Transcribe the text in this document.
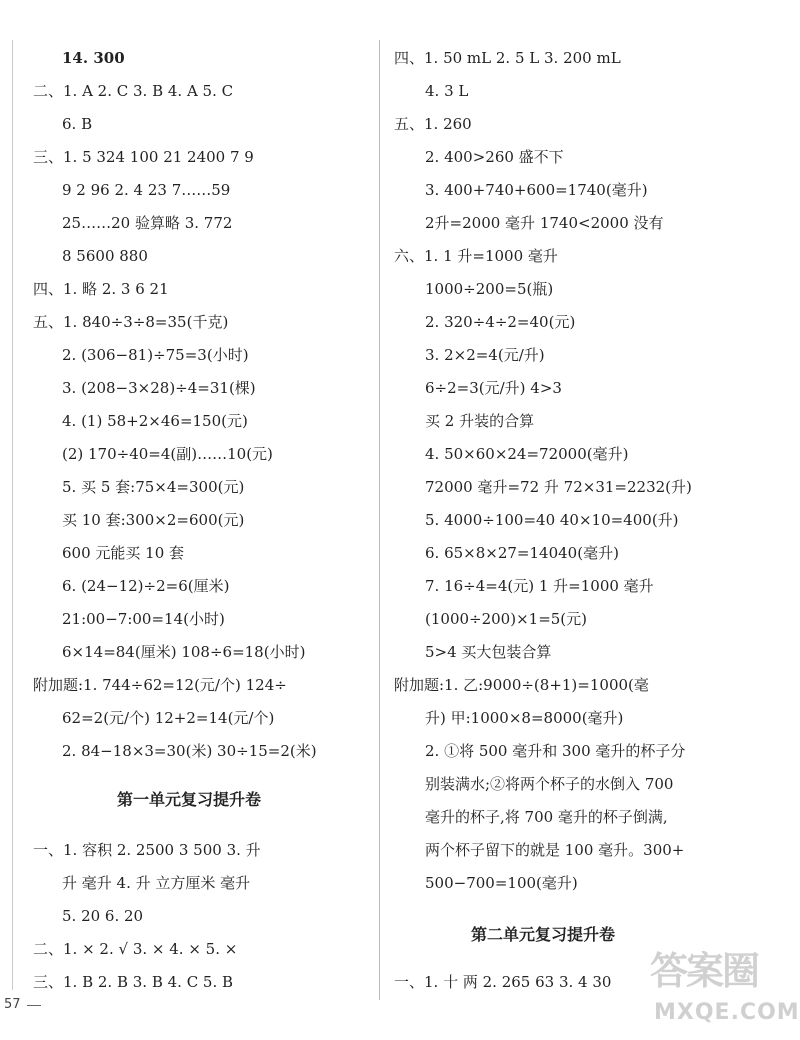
14. 300
二、1. A 2. C 3. B 4. A 5. C
6. B
三、1. 5 324 100 21 2400 7 9
9 2 96 2. 4 23 7……59
25……20 验算略 3. 772
8 5600 880
四、1. 略 2. 3 6 21
五、1. 840÷3÷8=35(千克)
2. (306−81)÷75=3(小时)
3. (208−3×28)÷4=31(棵)
4. (1) 58+2×46=150(元)
(2) 170÷40=4(副)……10(元)
5. 买 5 套:75×4=300(元)
买 10 套:300×2=600(元)
600 元能买 10 套
6. (24−12)÷2=6(厘米)
21:00−7:00=14(小时)
6×14=84(厘米) 108÷6=18(小时)
附加题:1. 744÷62=12(元/个) 124÷
62=2(元/个) 12+2=14(元/个)
2. 84−18×3=30(米) 30÷15=2(米)
第一单元复习提升卷
一、1. 容积 2. 2500 3 500 3. 升
升 毫升 4. 升 立方厘米 毫升
5. 20 6. 20
二、1. × 2. √ 3. × 4. × 5. ×
三、1. B 2. B 3. B 4. C 5. B
四、1. 50 mL 2. 5 L 3. 200 mL
4. 3 L
五、1. 260
2. 400>260 盛不下
3. 400+740+600=1740(毫升)
2升=2000 毫升 1740<2000 没有
六、1. 1 升=1000 毫升
1000÷200=5(瓶)
2. 320÷4÷2=40(元)
3. 2×2=4(元/升)
6÷2=3(元/升) 4>3
买 2 升装的合算
4. 50×60×24=72000(毫升)
72000 毫升=72 升 72×31=2232(升)
5. 4000÷100=40 40×10=400(升)
6. 65×8×27=14040(毫升)
7. 16÷4=4(元) 1 升=1000 毫升
(1000÷200)×1=5(元)
5>4 买大包装合算
附加题:1. 乙:9000÷(8+1)=1000(毫
升) 甲:1000×8=8000(毫升)
2. ①将 500 毫升和 300 毫升的杯子分
别装满水;②将两个杯子的水倒入 700
毫升的杯子,将 700 毫升的杯子倒满,
两个杯子留下的就是 100 毫升。300+
500−700=100(毫升)
第二单元复习提升卷
一、1. 十 两 2. 265 63 3. 4 30
57
答案圈
MXQE.COM
